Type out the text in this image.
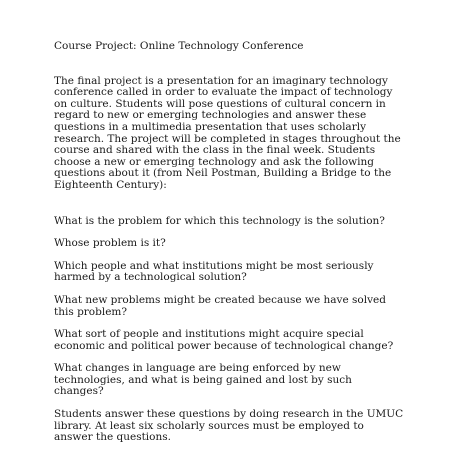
Course Project: Online Technology Conference

The final project is a presentation for an imaginary technology
conference called in order to evaluate the impact of technology
on culture. Students will pose questions of cultural concern in
regard to new or emerging technologies and answer these
questions in a multimedia presentation that uses scholarly
research. The project will be completed in stages throughout the
course and shared with the class in the final week. Students
choose a new or emerging technology and ask the following
questions about it (from Neil Postman, Building a Bridge to the
Eighteenth Century):

What is the problem for which this technology is the solution?

Whose problem is it?

Which people and what institutions might be most seriously
harmed by a technological solution?

What new problems might be created because we have solved
this problem?

What sort of people and institutions might acquire special
economic and political power because of technological change?

What changes in language are being enforced by new
technologies, and what is being gained and lost by such
changes?

Students answer these questions by doing research in the UMUC
library. At least six scholarly sources must be employed to
answer the questions.
